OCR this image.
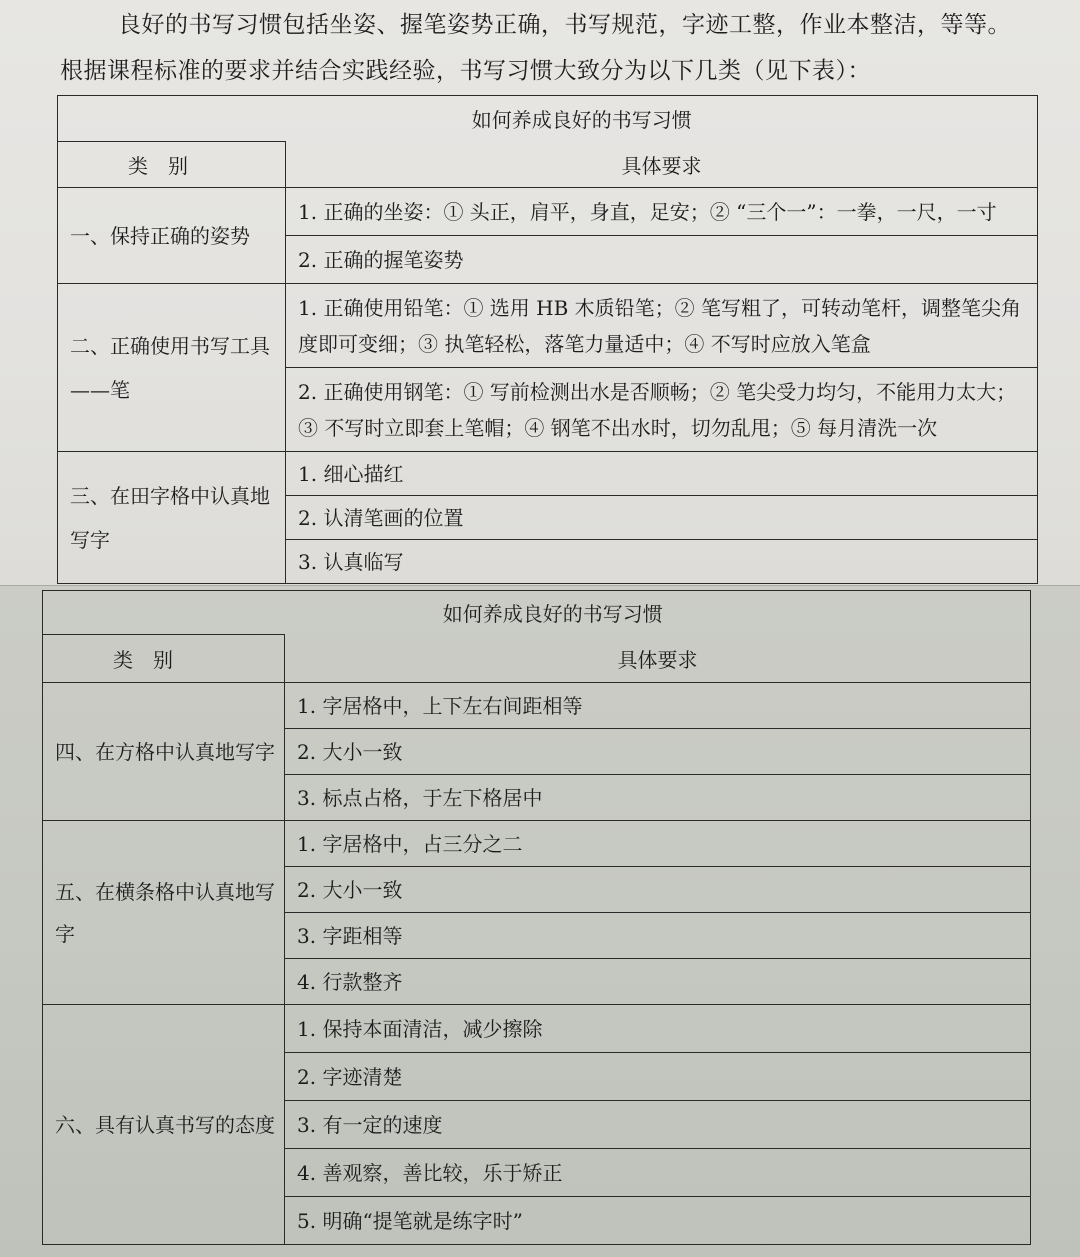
良好的书写习惯包括坐姿、握笔姿势正确，书写规范，字迹工整，作业本整洁，等等。
根据课程标准的要求并结合实践经验，书写习惯大致分为以下几类（见下表）：
	如何养成良好的书写习惯
类　别	具体要求
一、保持正确的姿势	1. 正确的坐姿：① 头正，肩平，身直，足安；② “三个一”：一拳，一尺，一寸
	2. 正确的握笔姿势
二、正确使用书写工具——笔	1. 正确使用铅笔：① 选用 HB 木质铅笔；② 笔写粗了，可转动笔杆，调整笔尖角度即可变细；③ 执笔轻松，落笔力量适中；④ 不写时应放入笔盒
	2. 正确使用钢笔：① 写前检测出水是否顺畅；② 笔尖受力均匀，不能用力太大；③ 不写时立即套上笔帽；④ 钢笔不出水时，切勿乱甩；⑤ 每月清洗一次
三、在田字格中认真地写字	1. 细心描红
	2. 认清笔画的位置
	3. 认真临写
	如何养成良好的书写习惯
类　别	具体要求
四、在方格中认真地写字	1. 字居格中，上下左右间距相等
	2. 大小一致
	3. 标点占格，于左下格居中
五、在横条格中认真地写字	1. 字居格中，占三分之二
	2. 大小一致
	3. 字距相等
	4. 行款整齐
六、具有认真书写的态度	1. 保持本面清洁，减少擦除
	2. 字迹清楚
	3. 有一定的速度
	4. 善观察，善比较，乐于矫正
	5. 明确“提笔就是练字时”
